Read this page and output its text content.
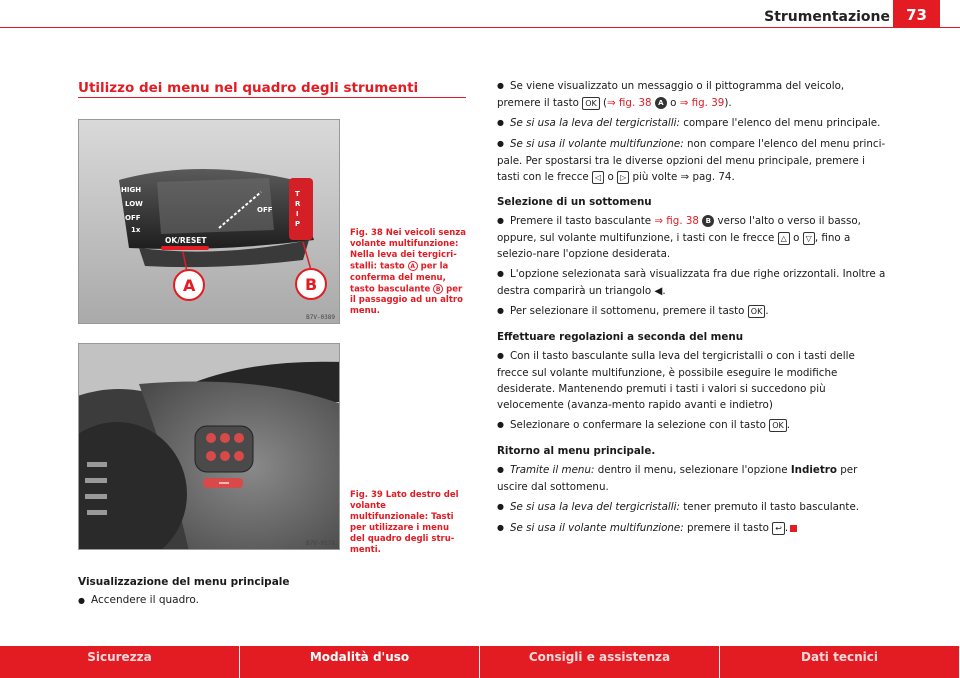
Strumentazione	73
Utilizzo dei menu nel quadro degli strumenti
HIGH
LOW
OFF
1x
T
R
I
P
OFF
OK/RESET
A	B
B7V-0389
Fig. 38 Nei veicoli senza volante multifunzione: Nella leva dei tergicri-stalli: tasto A per la conferma del menu, tasto basculante B per il passaggio ad un altro menu.
B7V-0578
Fig. 39 Lato destro del volante multifunzionale: Tasti per utilizzare i menu del quadro degli stru-menti.
Visualizzazione del menu principale
● Accendere il quadro.

● Se viene visualizzato un messaggio o il pittogramma del veicolo, premere il tasto OK (⇒ fig. 38 A o ⇒ fig. 39).

● Se si usa la leva del tergicristalli: compare l'elenco del menu principale.

● Se si usa il volante multifunzione: non compare l'elenco del menu princi-pale. Per spostarsi tra le diverse opzioni del menu principale, premere i tasti con le frecce ◁ o ▷ più volte ⇒ pag. 74.

Selezione di un sottomenu

● Premere il tasto basculante ⇒ fig. 38 B verso l'alto o verso il basso, oppure, sul volante multifunzione, i tasti con le frecce △ o ▽ , fino a selezio-nare l'opzione desiderata.

● L'opzione selezionata sarà visualizzata fra due righe orizzontali. Inoltre a destra comparirà un triangolo ◀.

● Per selezionare il sottomenu, premere il tasto OK .

Effettuare regolazioni a seconda del menu

● Con il tasto basculante sulla leva del tergicristalli o con i tasti delle frecce sul volante multifunzione, è possibile eseguire le modifiche desiderate. Mantenendo premuti i tasti i valori si succedono più velocemente (avanza-mento rapido avanti e indietro)

● Selezionare o confermare la selezione con il tasto OK .

Ritorno al menu principale.

● Tramite il menu: dentro il menu, selezionare l'opzione Indietro per uscire dal sottomenu.

● Se si usa la leva del tergicristalli: tener premuto il tasto basculante.

● Se si usa il volante multifunzione: premere il tasto ↩ .

Sicurezza	Modalità d'uso	Consigli e assistenza	Dati tecnici
